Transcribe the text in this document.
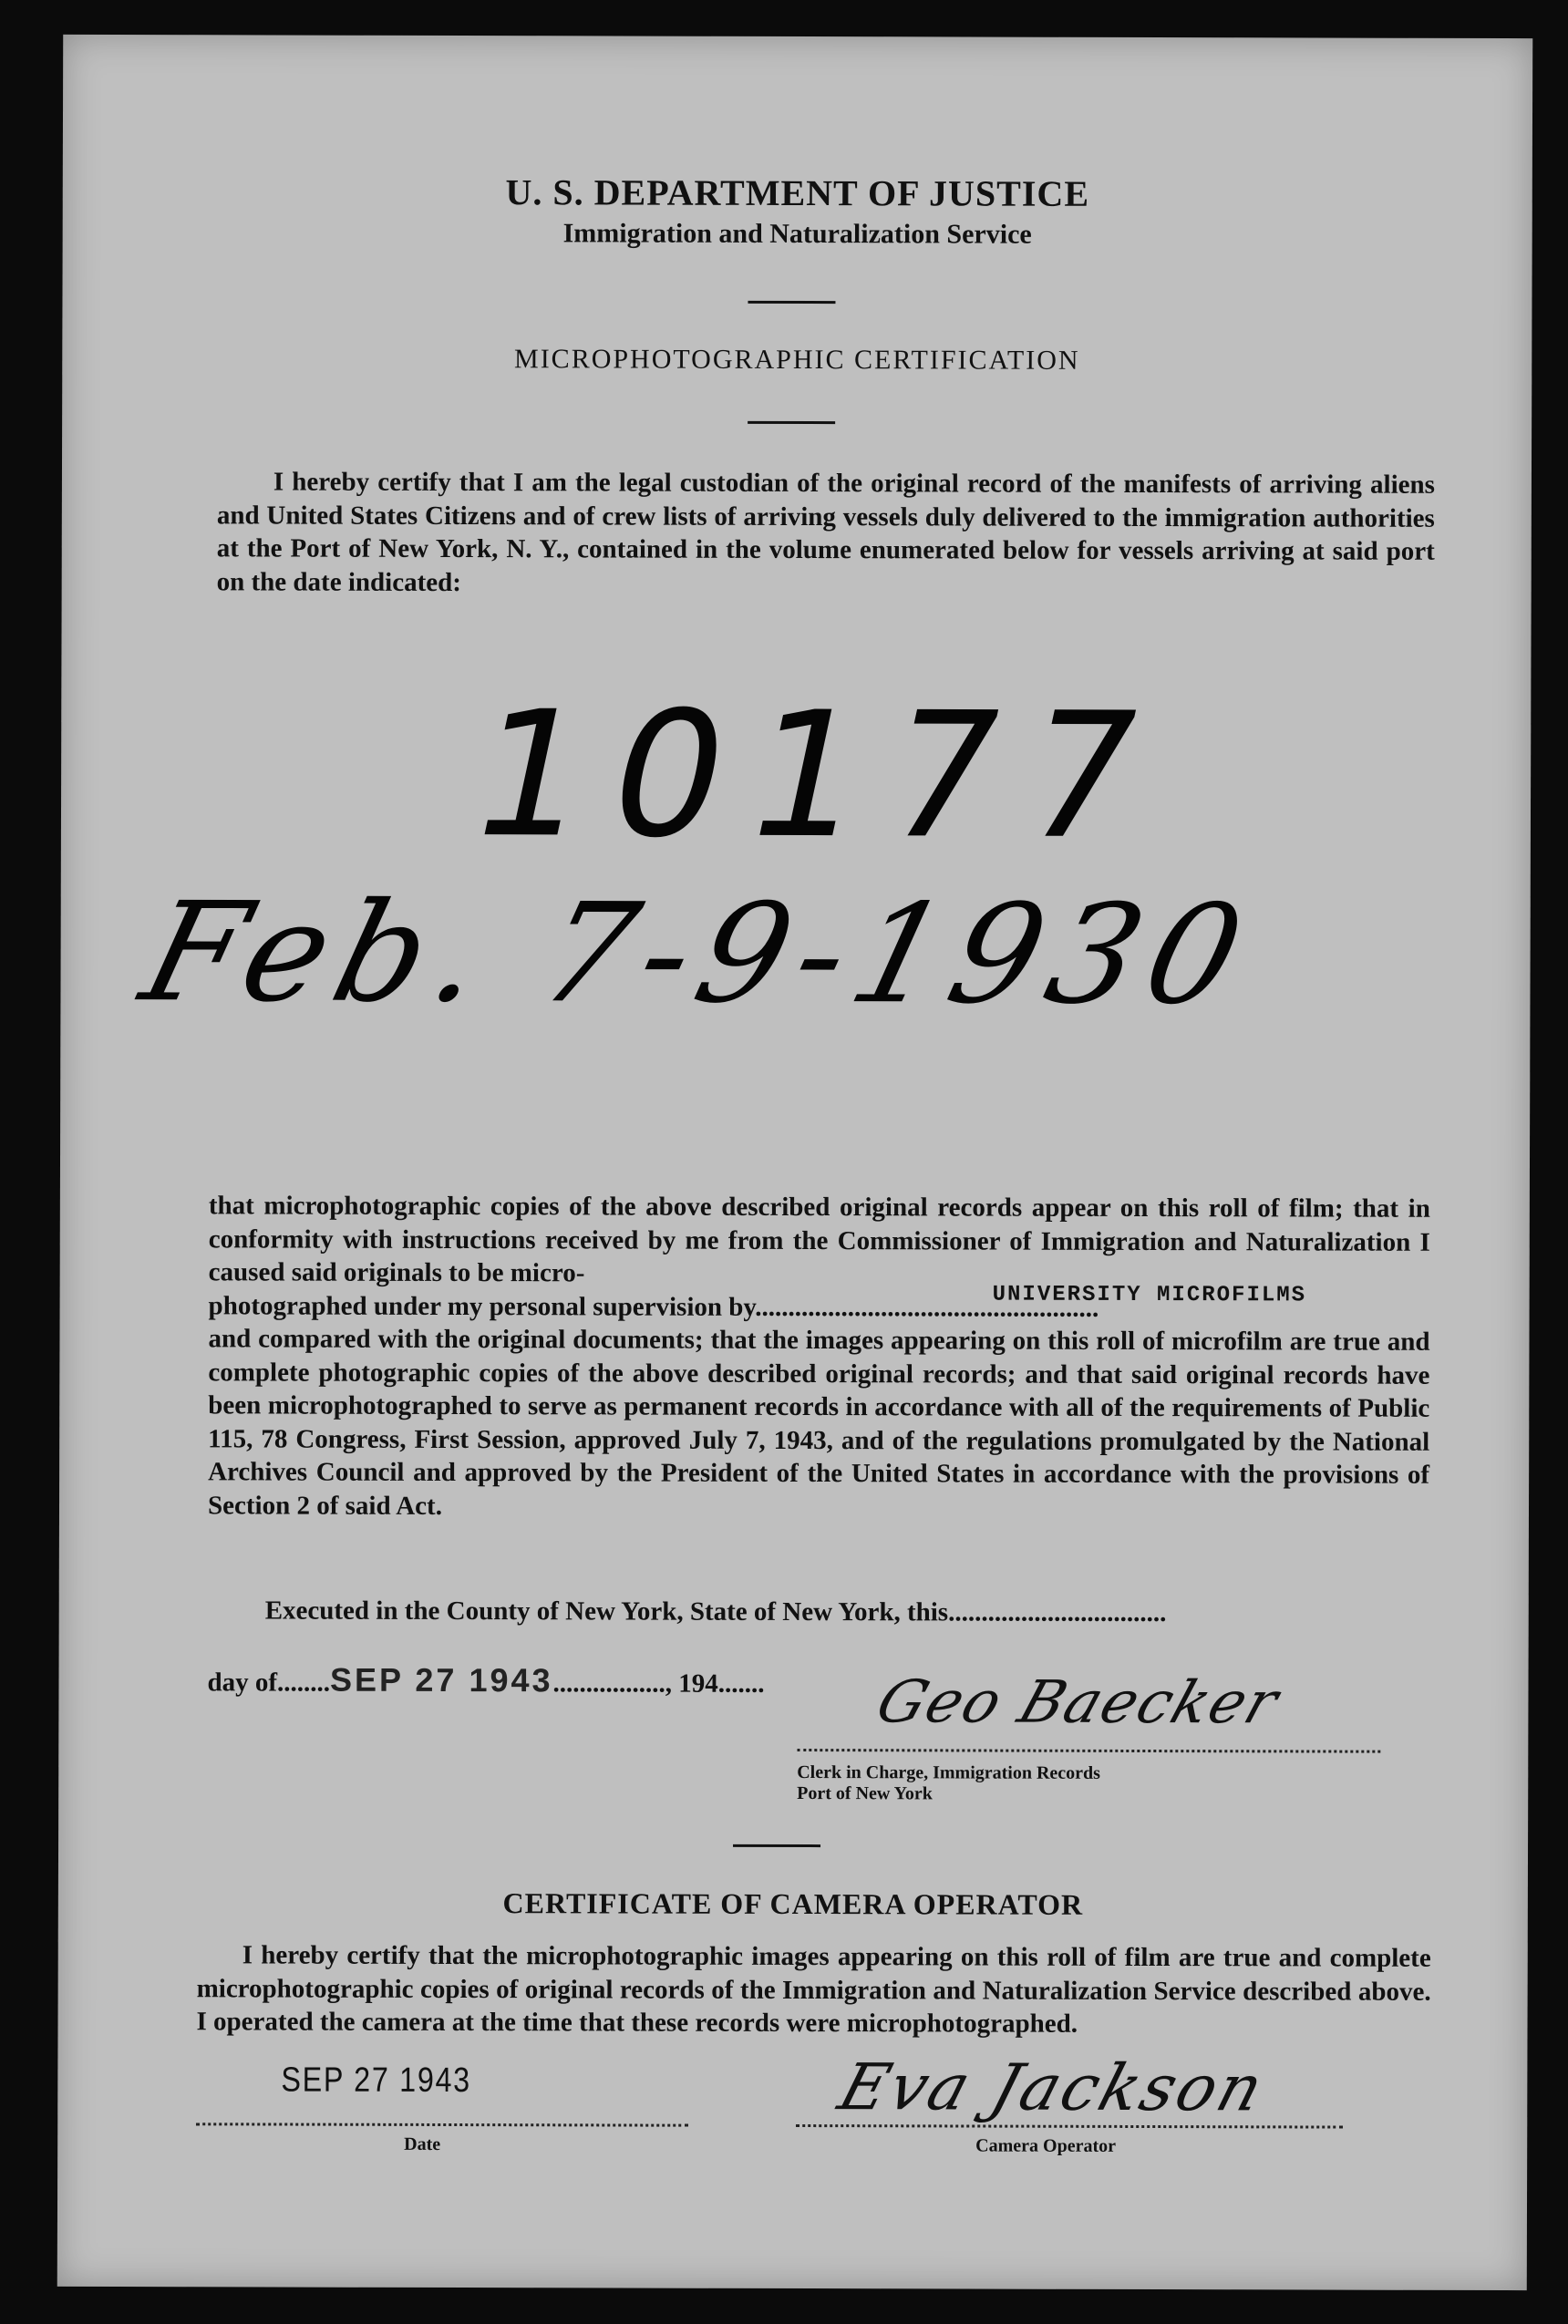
U. S. DEPARTMENT OF JUSTICE
Immigration and Naturalization Service
MICROPHOTOGRAPHIC CERTIFICATION

I hereby certify that I am the legal custodian of the original record of the manifests of arriving aliens and United States Citizens and of crew lists of arriving vessels duly delivered to the immigration authorities at the Port of New York, N. Y., contained in the volume enumerated below for vessels arriving at said port on the date indicated:

10177
Feb. 7-9-1930

that microphotographic copies of the above described original records appear on this roll of film; that in conformity with instructions received by me from the Commissioner of Immigration and Naturalization I caused said originals to be micro-

photographed under my personal supervision by....................................................
UNIVERSITY MICROFILMS

and compared with the original documents; that the images appearing on this roll of microfilm are true and complete photographic copies of the above described original records; and that said original records have been microphotographed to serve as permanent records in accordance with all of the requirements of Public 115, 78 Congress, First Session, approved July 7, 1943, and of the regulations promulgated by the National Archives Council and approved by the President of the United States in accordance with the provisions of Section 2 of said Act.

Executed in the County of New York, State of New York, this.................................
day of........SEP 27 1943................., 194....... Geo Baecker
Clerk in Charge, Immigration Records
Port of New York
CERTIFICATE OF CAMERA OPERATOR

I hereby certify that the microphotographic images appearing on this roll of film are true and complete microphotographic copies of original records of the Immigration and Naturalization Service described above. I operated the camera at the time that these records were microphotographed.

SEP 27 1943	Eva Jackson
Date	Camera Operator
